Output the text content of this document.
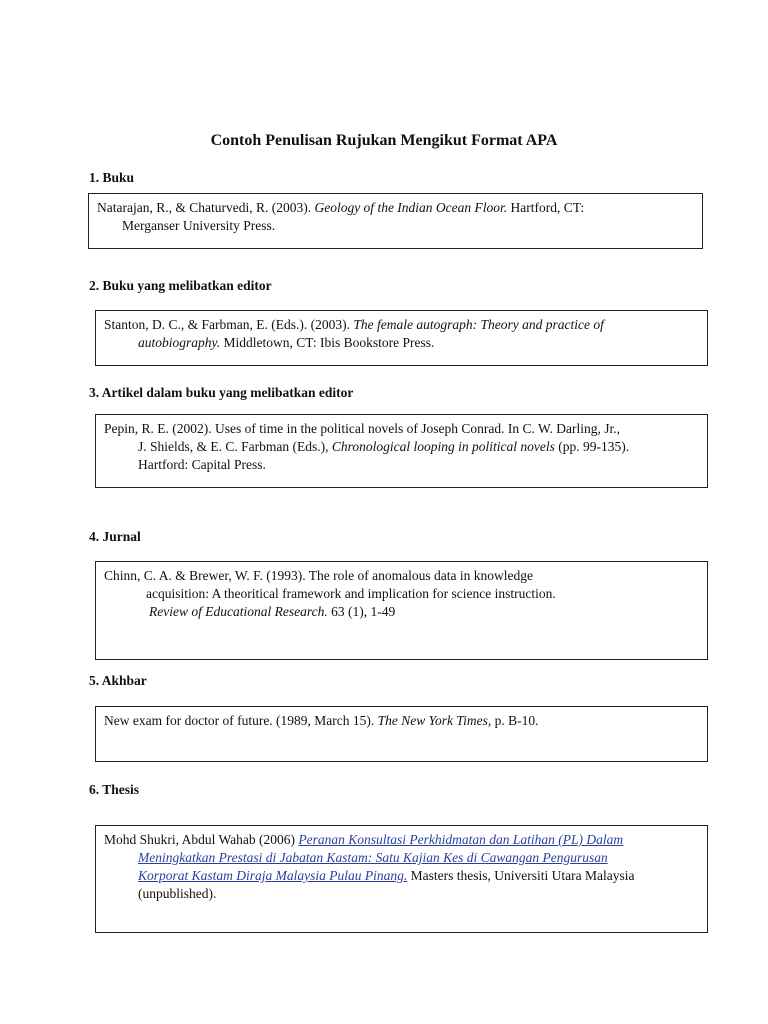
Contoh Penulisan Rujukan Mengikut Format APA
1. Buku
Natarajan, R., & Chaturvedi, R. (2003). Geology of the Indian Ocean Floor. Hartford, CT:
Merganser University Press.
2. Buku yang melibatkan editor
Stanton, D. C., & Farbman, E. (Eds.). (2003). The female autograph: Theory and practice of
autobiography. Middletown, CT: Ibis Bookstore Press.
3. Artikel dalam buku yang melibatkan editor
Pepin, R. E. (2002). Uses of time in the political novels of Joseph Conrad. In C. W. Darling, Jr.,
J. Shields, & E. C. Farbman (Eds.), Chronological looping in political novels (pp. 99-135).
Hartford: Capital Press.
4. Jurnal
Chinn, C. A. & Brewer, W. F. (1993). The role of anomalous data in knowledge
acquisition: A theoritical framework and implication for science instruction.
Review of Educational Research. 63 (1), 1-49
5. Akhbar
New exam for doctor of future. (1989, March 15). The New York Times, p. B-10.
6. Thesis
Mohd Shukri, Abdul Wahab (2006) Peranan Konsultasi Perkhidmatan dan Latihan (PL) Dalam
Meningkatkan Prestasi di Jabatan Kastam: Satu Kajian Kes di Cawangan Pengurusan
Korporat Kastam Diraja Malaysia Pulau Pinang. Masters thesis, Universiti Utara Malaysia
(unpublished).
